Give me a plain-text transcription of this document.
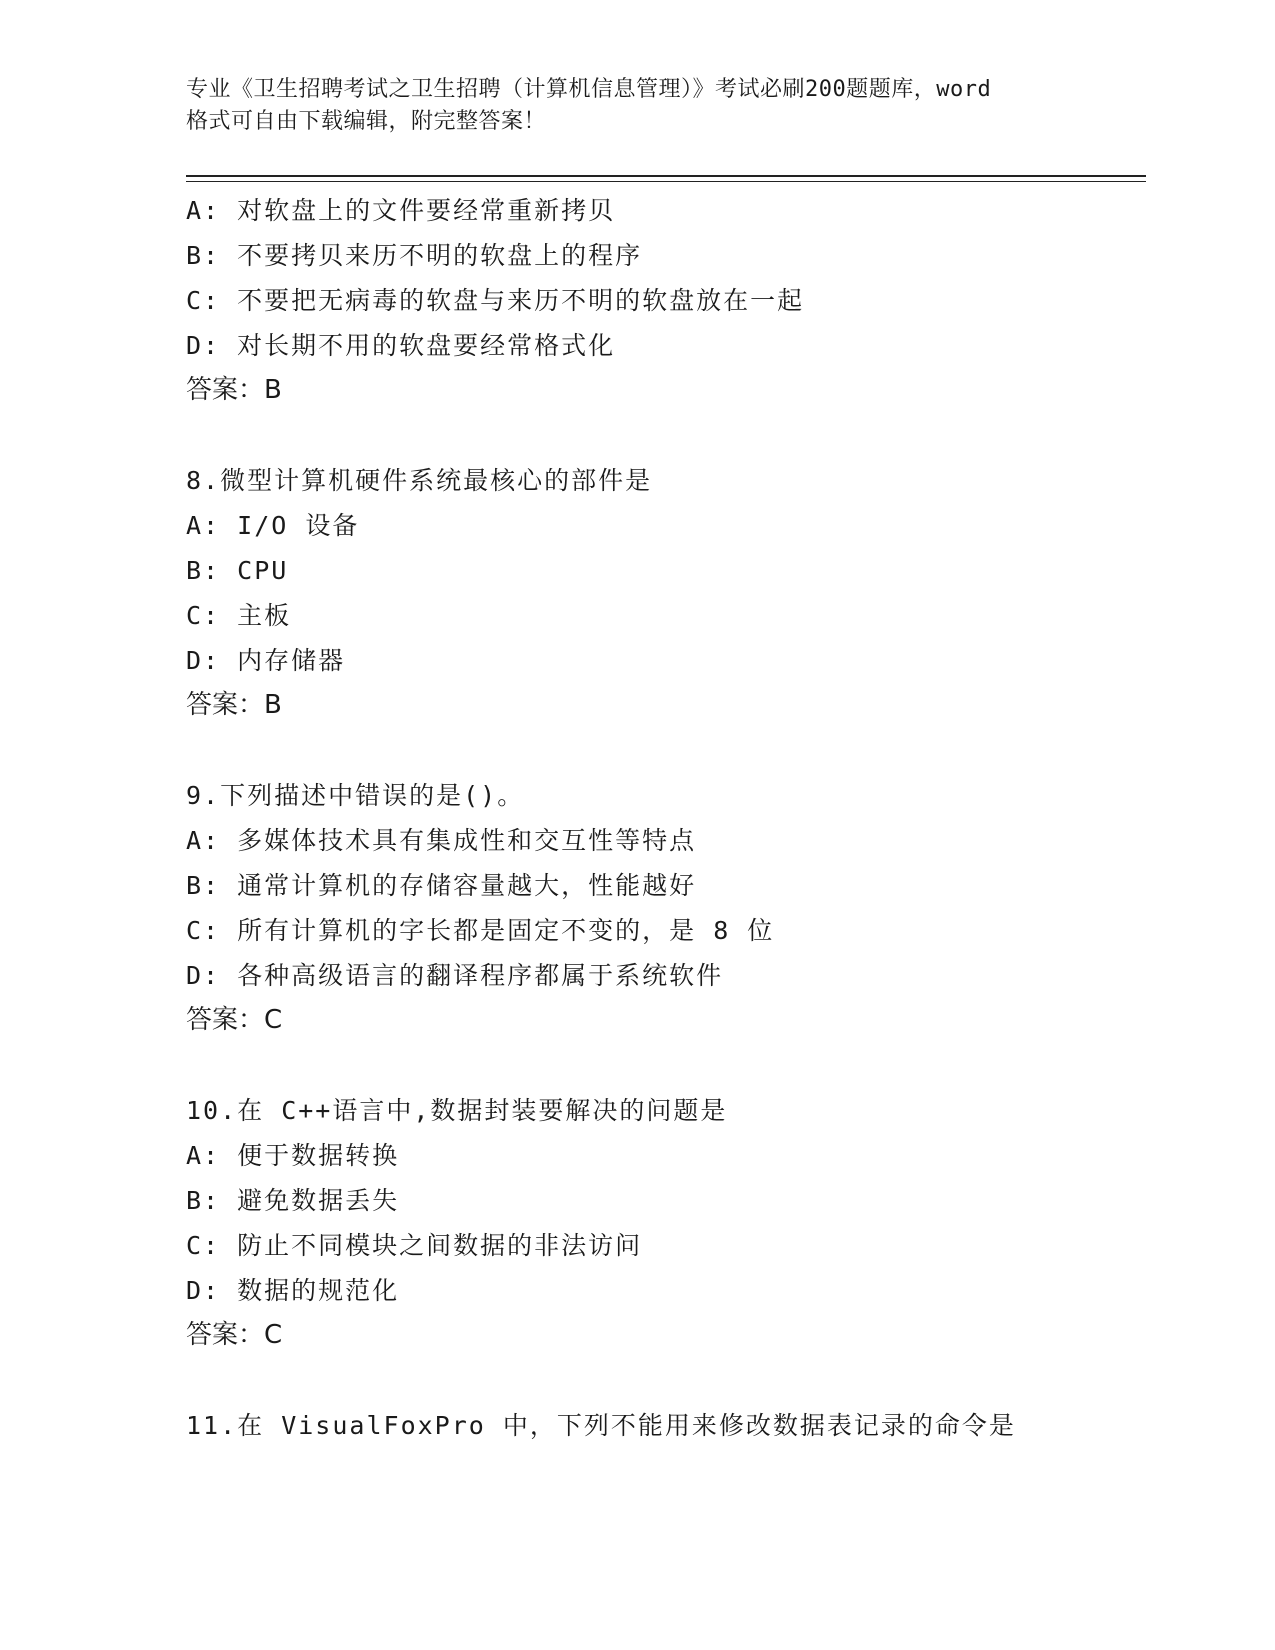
专业《卫生招聘考试之卫生招聘（计算机信息管理）》考试必刷200题题库，word
格式可自由下载编辑，附完整答案！
A: 对软盘上的文件要经常重新拷贝
B: 不要拷贝来历不明的软盘上的程序
C: 不要把无病毒的软盘与来历不明的软盘放在一起
D: 对长期不用的软盘要经常格式化
答案：B
8.微型计算机硬件系统最核心的部件是
A: I/O 设备
B: CPU
C: 主板
D: 内存储器
答案：B
9.下列描述中错误的是()。
A: 多媒体技术具有集成性和交互性等特点
B: 通常计算机的存储容量越大，性能越好
C: 所有计算机的字长都是固定不变的，是 8 位
D: 各种高级语言的翻译程序都属于系统软件
答案：C
10.在 C++语言中,数据封装要解决的问题是
A: 便于数据转换
B: 避免数据丢失
C: 防止不同模块之间数据的非法访问
D: 数据的规范化
答案：C
11.在 VisualFoxPro 中，下列不能用来修改数据表记录的命令是
